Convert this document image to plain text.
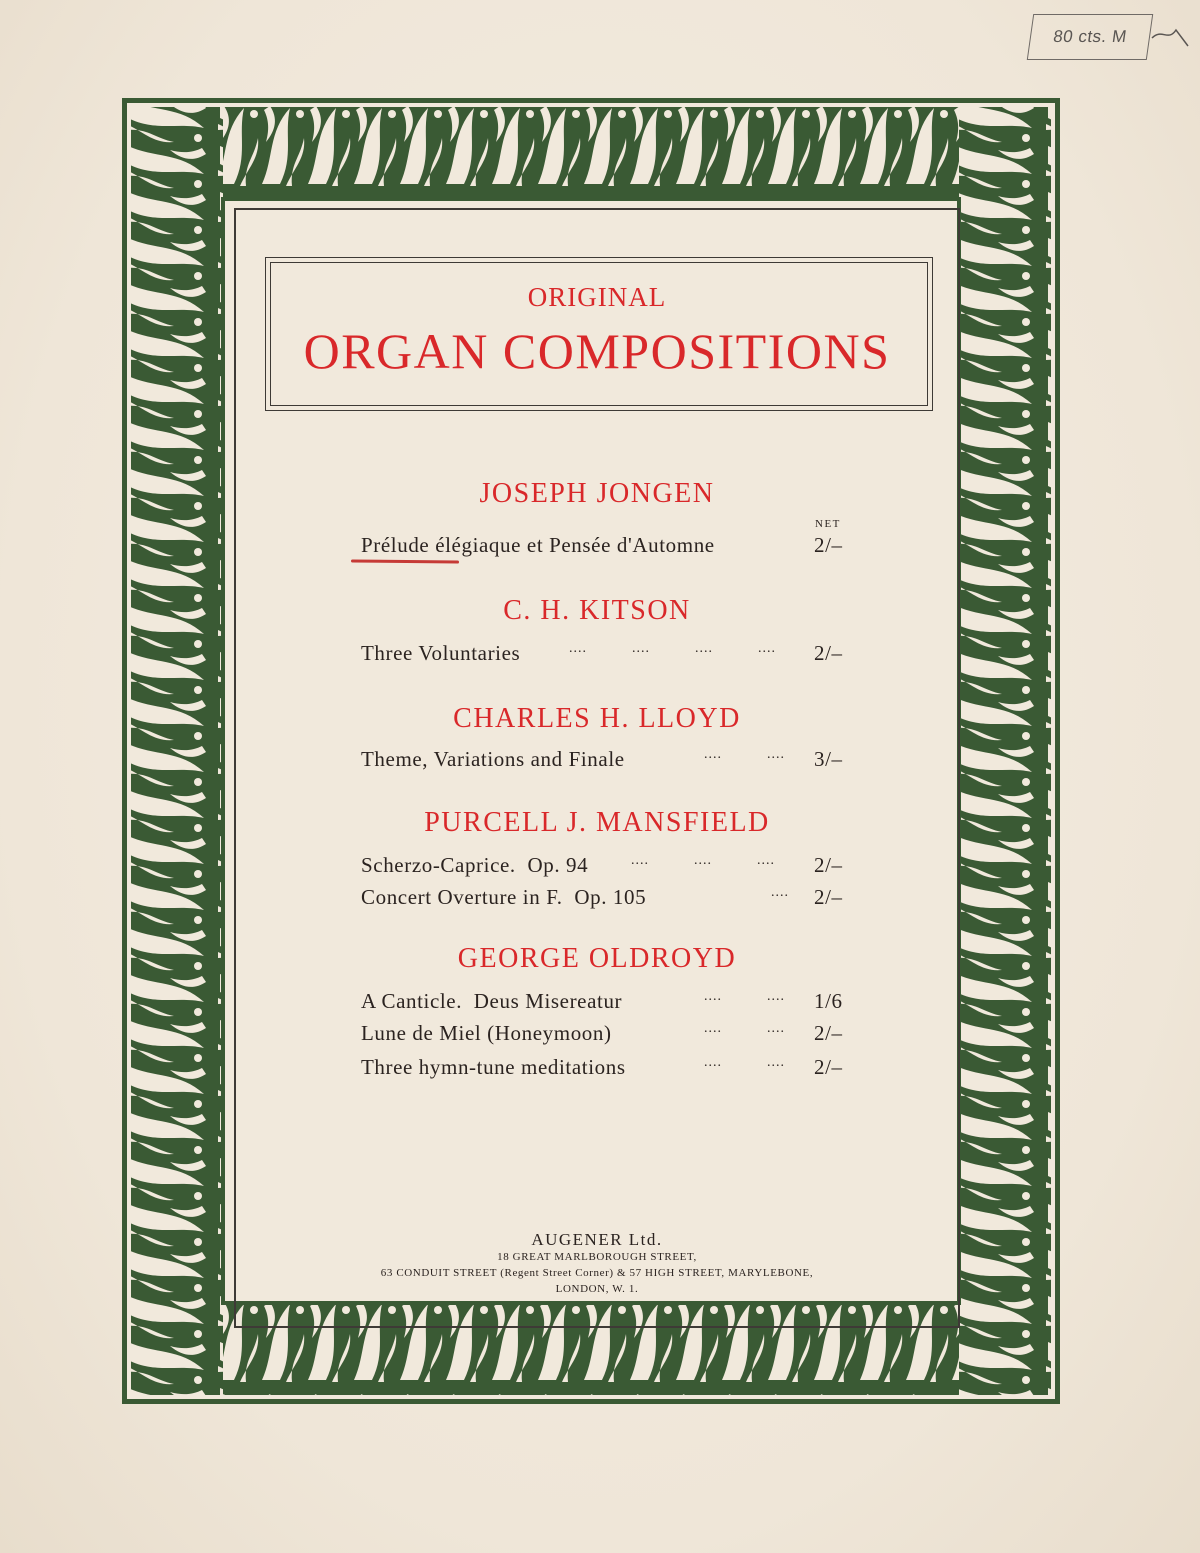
80 cts. M
ORIGINAL
ORGAN COMPOSITIONS
JOSEPH JONGEN
NET
Prélude élégiaque et Pensée d'Automne	2/–
C. H. KITSON
Three Voluntaries	....          ....          ....          .... 2/–
CHARLES H. LLOYD
Theme, Variations and Finale	....          .... 3/–
PURCELL J. MANSFIELD
Scherzo-Caprice.  Op. 94	....          ....          .... 2/–
Concert Overture in F.  Op. 105	.... 2/–
GEORGE OLDROYD
A Canticle.  Deus Misereatur	....          .... 1/6
Lune de Miel (Honeymoon)	....          .... 2/–
Three hymn-tune meditations	....          .... 2/–
AUGENER Ltd.
18 GREAT MARLBOROUGH STREET,
63 CONDUIT STREET (Regent Street Corner) & 57 HIGH STREET, MARYLEBONE,
LONDON, W. 1.
